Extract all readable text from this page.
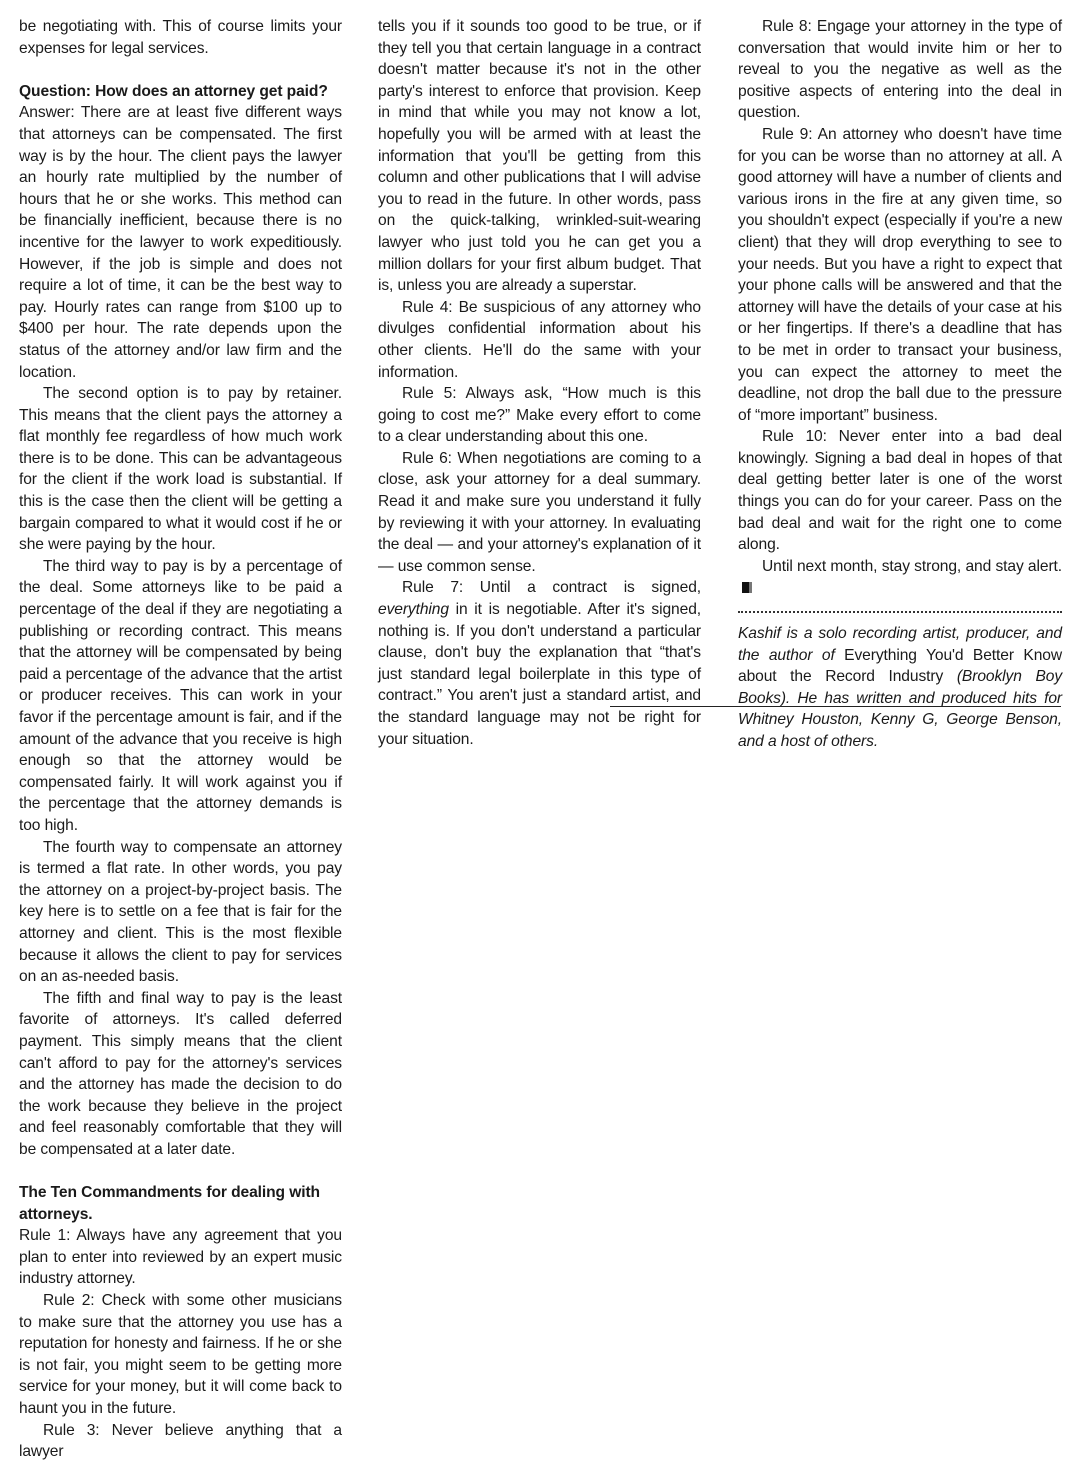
be negotiating with. This of course limits your expenses for legal services.

Question: How does an attorney get paid?

Answer: There are at least five different ways that attorneys can be compensated. The first way is by the hour. The client pays the lawyer an hourly rate multiplied by the number of hours that he or she works. This method can be financially inefficient, because there is no incentive for the lawyer to work expeditiously. However, if the job is simple and does not require a lot of time, it can be the best way to pay. Hourly rates can range from $100 up to $400 per hour. The rate depends upon the status of the attorney and/or law firm and the location.

The second option is to pay by retainer. This means that the client pays the attorney a flat monthly fee regardless of how much work there is to be done. This can be advantageous for the client if the work load is substantial. If this is the case then the client will be getting a bargain compared to what it would cost if he or she were paying by the hour.

The third way to pay is by a percentage of the deal. Some attorneys like to be paid a percentage of the deal if they are negotiating a publishing or recording contract. This means that the attorney will be compensated by being paid a percentage of the advance that the artist or producer receives. This can work in your favor if the percentage amount is fair, and if the amount of the advance that you receive is high enough so that the attorney would be compensated fairly. It will work against you if the percentage that the attorney demands is too high.

The fourth way to compensate an attorney is termed a flat rate. In other words, you pay the attorney on a project-by-project basis. The key here is to settle on a fee that is fair for the attorney and client. This is the most flexible because it allows the client to pay for services on an as-needed basis.

The fifth and final way to pay is the least favorite of attorneys. It's called deferred payment. This simply means that the client can't afford to pay for the attorney's services and the attorney has made the decision to do the work because they believe in the project and feel reasonably comfortable that they will be compensated at a later date.

The Ten Commandments for dealing with attorneys.

Rule 1: Always have any agreement that you plan to enter into reviewed by an expert music industry attorney.

Rule 2: Check with some other musicians to make sure that the attorney you use has a reputation for honesty and fairness. If he or she is not fair, you might seem to be getting more service for your money, but it will come back to haunt you in the future.

Rule 3: Never believe anything that a lawyer

tells you if it sounds too good to be true, or if they tell you that certain language in a contract doesn't matter because it's not in the other party's interest to enforce that provision. Keep in mind that while you may not know a lot, hopefully you will be armed with at least the information that you'll be getting from this column and other publications that I will advise you to read in the future. In other words, pass on the quick-talking, wrinkled-suit-wearing lawyer who just told you he can get you a million dollars for your first album budget. That is, unless you are already a superstar.

Rule 4: Be suspicious of any attorney who divulges confidential information about his other clients. He'll do the same with your information.

Rule 5: Always ask, “How much is this going to cost me?” Make every effort to come to a clear understanding about this one.

Rule 6: When negotiations are coming to a close, ask your attorney for a deal summary. Read it and make sure you understand it fully by reviewing it with your attorney. In evaluating the deal — and your attorney's explanation of it — use common sense.

Rule 7: Until a contract is signed, everything in it is negotiable. After it's signed, nothing is. If you don't understand a particular clause, don't buy the explanation that “that's just standard legal boilerplate in this type of contract.” You aren't just a standard artist, and the standard language may not be right for your situation.

Rule 8: Engage your attorney in the type of conversation that would invite him or her to reveal to you the negative as well as the positive aspects of entering into the deal in question.

Rule 9: An attorney who doesn't have time for you can be worse than no attorney at all. A good attorney will have a number of clients and various irons in the fire at any given time, so you shouldn't expect (especially if you're a new client) that they will drop everything to see to your needs. But you have a right to expect that your phone calls will be answered and that the attorney will have the details of your case at his or her fingertips. If there's a deadline that has to be met in order to transact your business, you can expect the attorney to meet the deadline, not drop the ball due to the pressure of “more important” business.

Rule 10: Never enter into a bad deal knowingly. Signing a bad deal in hopes of that deal getting better later is one of the worst things you can do for your career. Pass on the bad deal and wait for the right one to come along.

Until next month, stay strong, and stay alert.

Kashif is a solo recording artist, producer, and the author of Everything You'd Better Know about the Record Industry (Brooklyn Boy Books). He has written and produced hits for Whitney Houston, Kenny G, George Benson, and a host of others.
